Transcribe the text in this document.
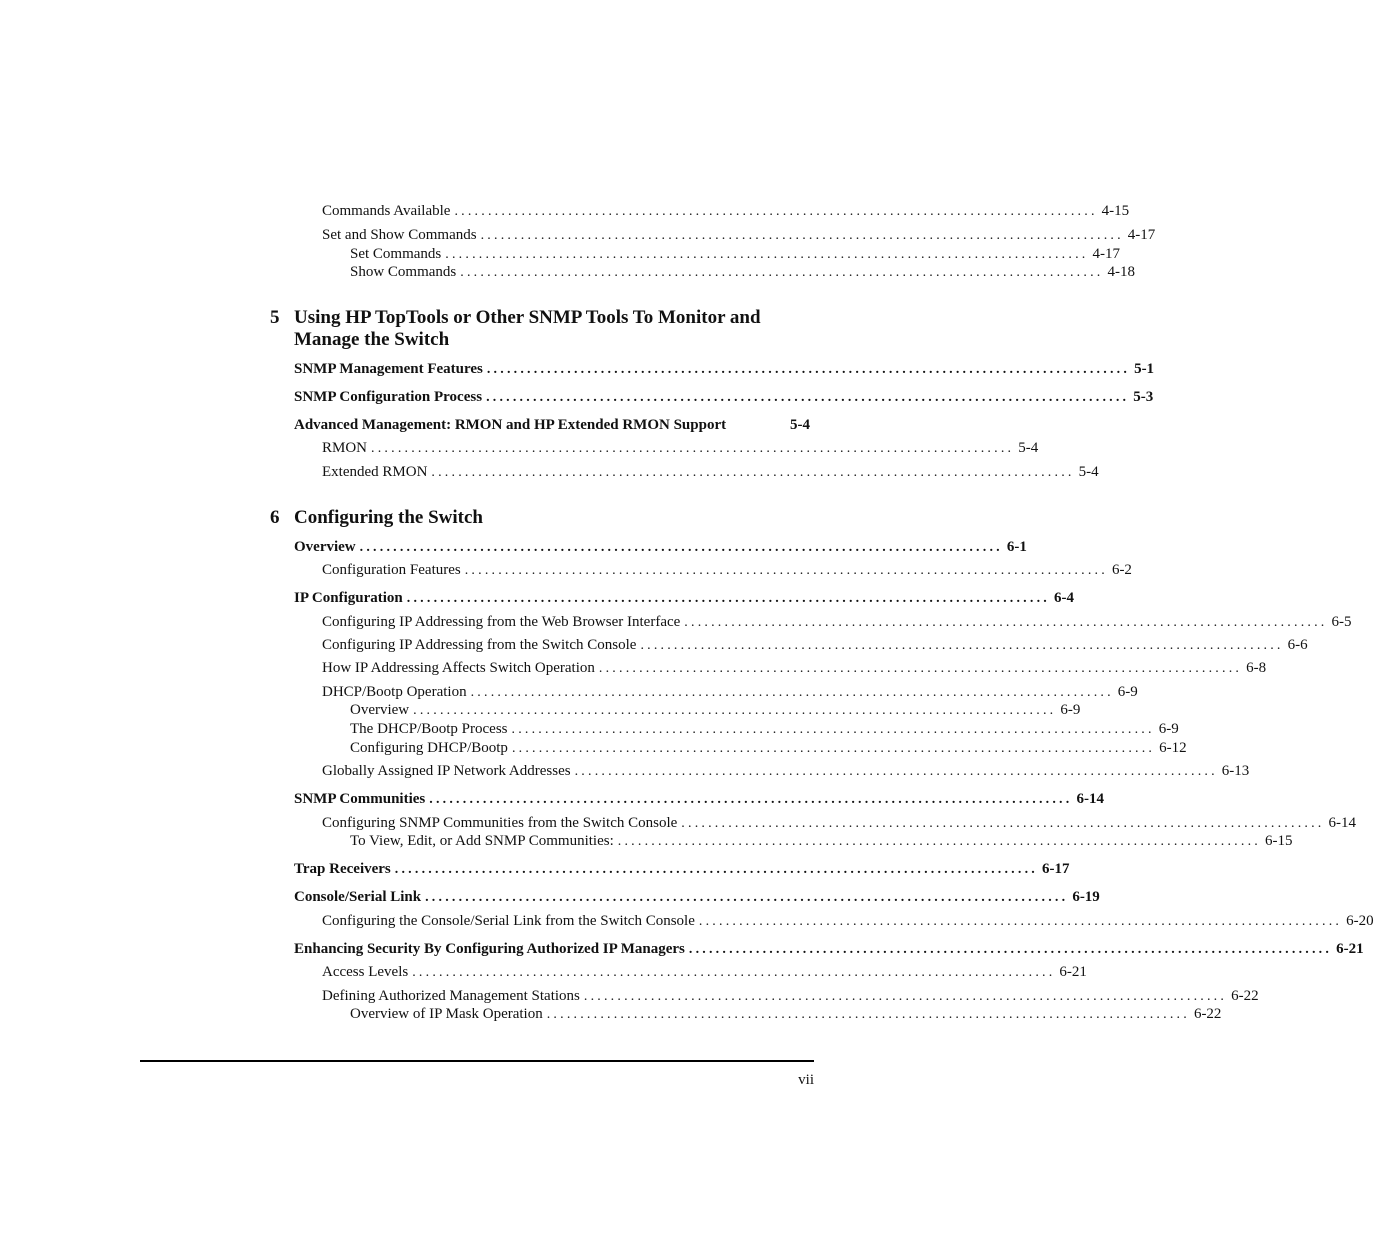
Commands Available ................................................................................................ 4-15
Set and Show Commands ................................................................................................ 4-17
Set Commands ................................................................................................ 4-17
Show Commands ................................................................................................ 4-18
5 Using HP TopTools or Other SNMP Tools To Monitor and
Manage the Switch
SNMP Management Features ................................................................................................ 5-1
SNMP Configuration Process ................................................................................................ 5-3
Advanced Management: RMON and HP Extended RMON Support	5-4
RMON ................................................................................................ 5-4
Extended RMON ................................................................................................ 5-4
6 Configuring the Switch
Overview ................................................................................................ 6-1
Configuration Features ................................................................................................ 6-2
IP Configuration ................................................................................................ 6-4
Configuring IP Addressing from the Web Browser Interface ................................................................................................ 6-5
Configuring IP Addressing from the Switch Console ................................................................................................ 6-6
How IP Addressing Affects Switch Operation ................................................................................................ 6-8
DHCP/Bootp Operation ................................................................................................ 6-9
Overview ................................................................................................ 6-9
The DHCP/Bootp Process ................................................................................................ 6-9
Configuring DHCP/Bootp ................................................................................................ 6-12
Globally Assigned IP Network Addresses ................................................................................................ 6-13
SNMP Communities ................................................................................................ 6-14
Configuring SNMP Communities from the Switch Console ................................................................................................ 6-14
To View, Edit, or Add SNMP Communities: ................................................................................................ 6-15
Trap Receivers ................................................................................................ 6-17
Console/Serial Link ................................................................................................ 6-19
Configuring the Console/Serial Link from the Switch Console ................................................................................................ 6-20
Enhancing Security By Configuring Authorized IP Managers ................................................................................................ 6-21
Access Levels ................................................................................................ 6-21
Defining Authorized Management Stations ................................................................................................ 6-22
Overview of IP Mask Operation ................................................................................................ 6-22
vii
